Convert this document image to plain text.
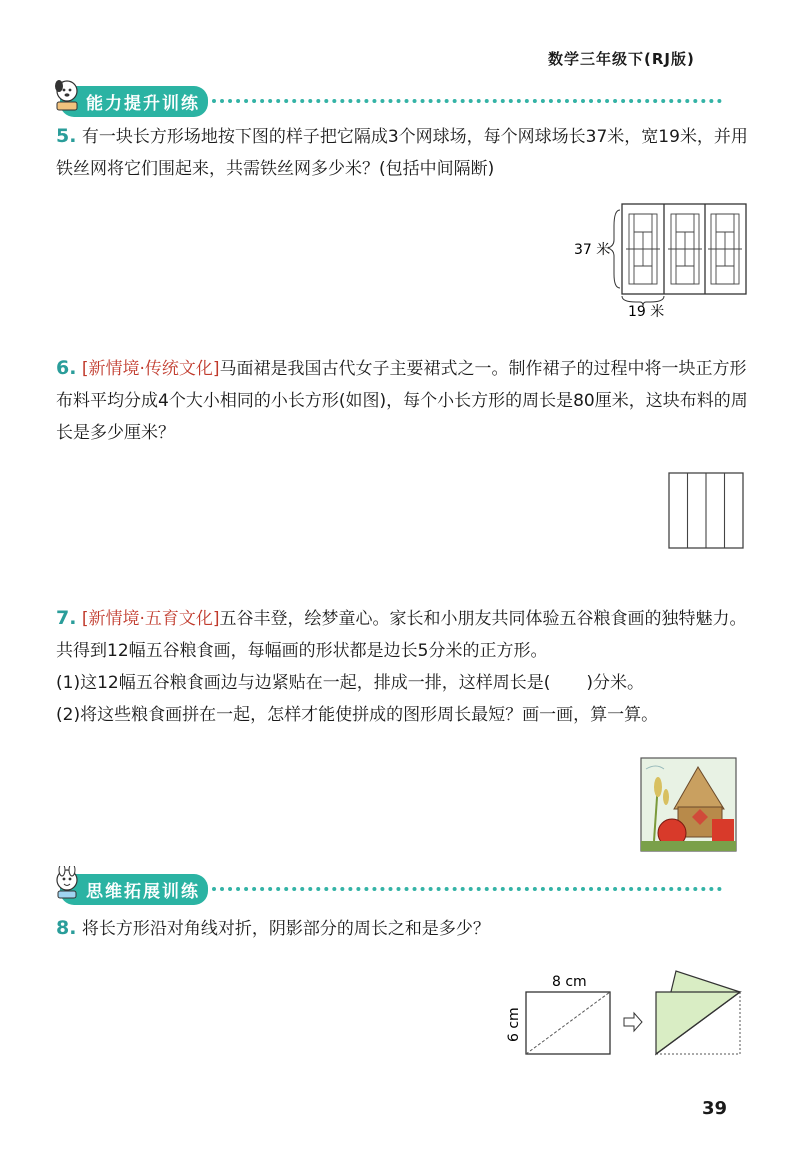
数学三年级下(RJ版)
能力提升训练
5. 有一块长方形场地按下图的样子把它隔成3个网球场，每个网球场长37米，宽19米，并用铁丝网将它们围起来，共需铁丝网多少米？(包括中间隔断)
37 米
19 米
6. [新情境·传统文化]马面裙是我国古代女子主要裙式之一。制作裙子的过程中将一块正方形布料平均分成4个大小相同的小长方形(如图)，每个小长方形的周长是80厘米，这块布料的周长是多少厘米？
7. [新情境·五育文化]五谷丰登，绘梦童心。家长和小朋友共同体验五谷粮食画的独特魅力。共得到12幅五谷粮食画，每幅画的形状都是边长5分米的正方形。
(1)这12幅五谷粮食画边与边紧贴在一起，排成一排，这样周长是( )分米。
(2)将这些粮食画拼在一起，怎样才能使拼成的图形周长最短？画一画，算一算。
思维拓展训练
8. 将长方形沿对角线对折，阴影部分的周长之和是多少？
8 cm
6 cm
39
